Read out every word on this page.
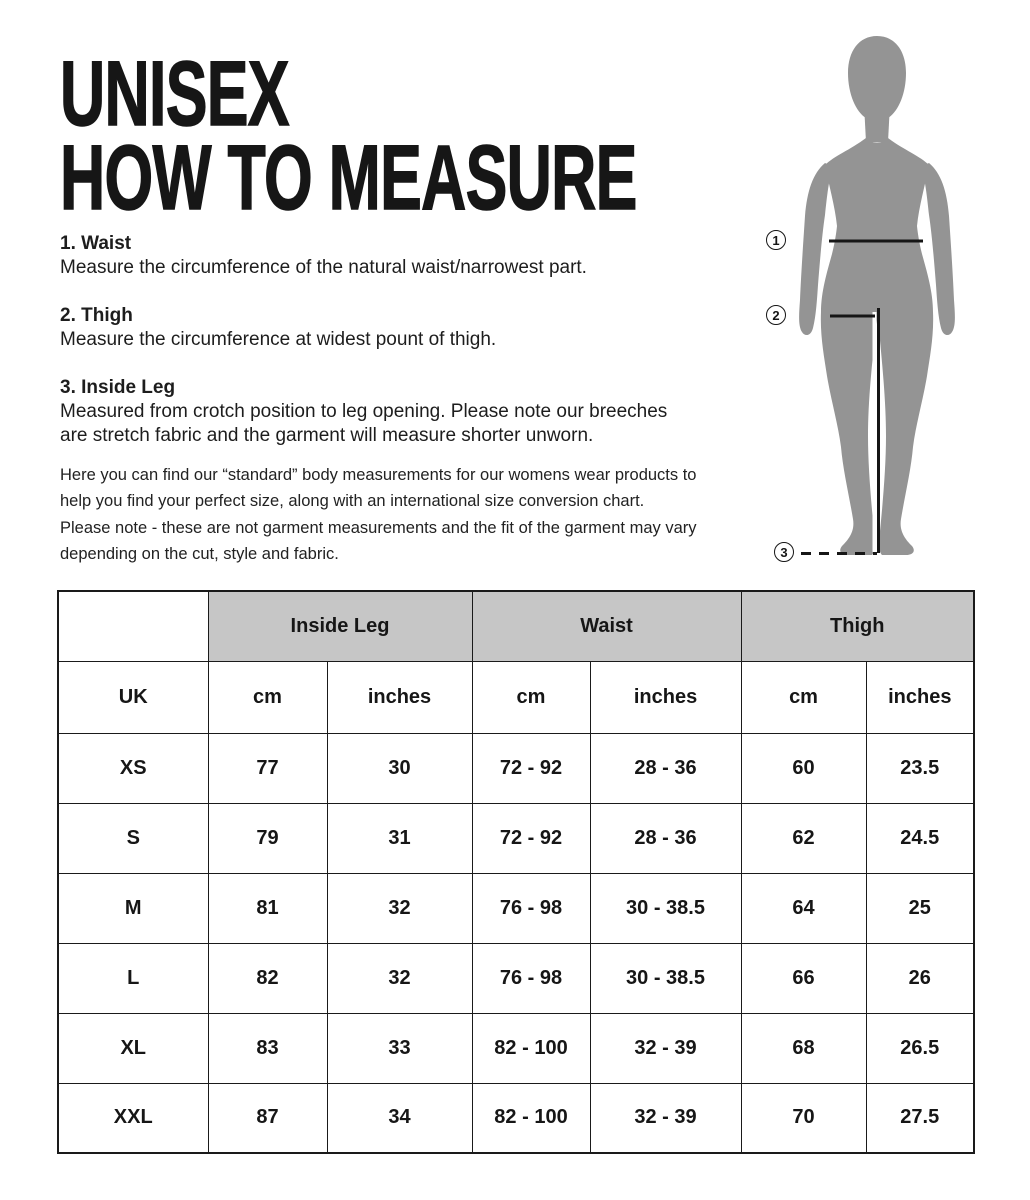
UNISEX
HOW TO MEASURE
1. Waist
Measure the circumference of the natural waist/narrowest part.
2. Thigh
Measure the circumference at widest pount of thigh.
3. Inside Leg
Measured from crotch position to leg opening. Please note our breeches
are stretch fabric and the garment will measure shorter unworn.
Here you can find our “standard” body measurements for our womens wear products to
help you find your perfect size, along with an international size conversion chart.
Please note - these are not garment measurements and the fit of the garment may vary
depending on the cut, style and fabric.
1
2
3
	Inside Leg		Waist		Thigh	
UK	cm	inches	cm	inches	cm	inches
XS	77	30	72 - 92	28 - 36	60	23.5
S	79	31	72 - 92	28 - 36	62	24.5
M	81	32	76 - 98	30 - 38.5	64	25
L	82	32	76 - 98	30 - 38.5	66	26
XL	83	33	82 - 100	32 - 39	68	26.5
XXL	87	34	82 - 100	32 - 39	70	27.5
